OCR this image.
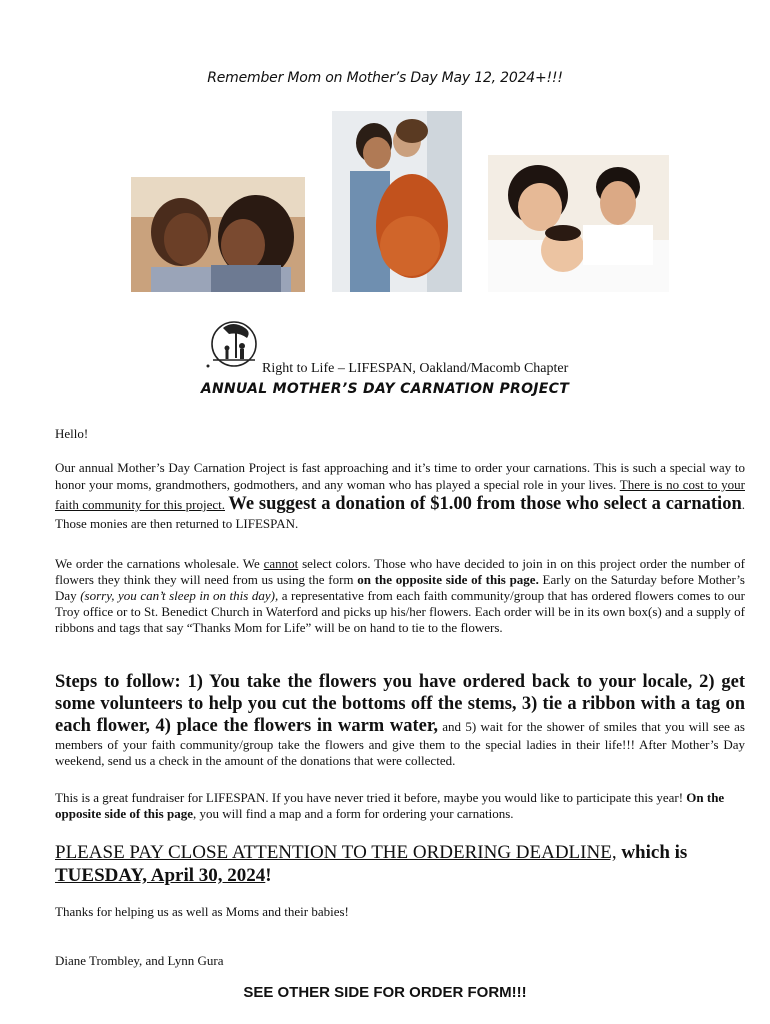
Remember Mom on Mother’s Day May 12, 2024+!!!
Right to Life – LIFESPAN, Oakland/Macomb Chapter
ANNUAL MOTHER’S DAY CARNATION PROJECT
Hello!
Our annual Mother’s Day Carnation Project is fast approaching and it’s time to order your carnations. This is such a special way to honor your moms, grandmothers, godmothers, and any woman who has played a special role in your lives. There is no cost to your faith community for this project. We suggest a donation of $1.00 from those who select a carnation. Those monies are then returned to LIFESPAN.
We order the carnations wholesale. We cannot select colors. Those who have decided to join in on this project order the number of flowers they think they will need from us using the form on the opposite side of this page. Early on the Saturday before Mother’s Day (sorry, you can’t sleep in on this day), a representative from each faith community/group that has ordered flowers comes to our Troy office or to St. Benedict Church in Waterford and picks up his/her flowers. Each order will be in its own box(s) and a supply of ribbons and tags that say “Thanks Mom for Life” will be on hand to tie to the flowers.
Steps to follow: 1) You take the flowers you have ordered back to your locale, 2) get some volunteers to help you cut the bottoms off the stems, 3) tie a ribbon with a tag on each flower, 4) place the flowers in warm water, and 5) wait for the shower of smiles that you will see as members of your faith community/group take the flowers and give them to the special ladies in their life!!! After Mother’s Day weekend, send us a check in the amount of the donations that were collected.
This is a great fundraiser for LIFESPAN. If you have never tried it before, maybe you would like to participate this year! On the opposite side of this page, you will find a map and a form for ordering your carnations.
PLEASE PAY CLOSE ATTENTION TO THE ORDERING DEADLINE, which is TUESDAY, April 30, 2024!
Thanks for helping us as well as Moms and their babies!
Diane Trombley, and Lynn Gura
SEE OTHER SIDE FOR ORDER FORM!!!
